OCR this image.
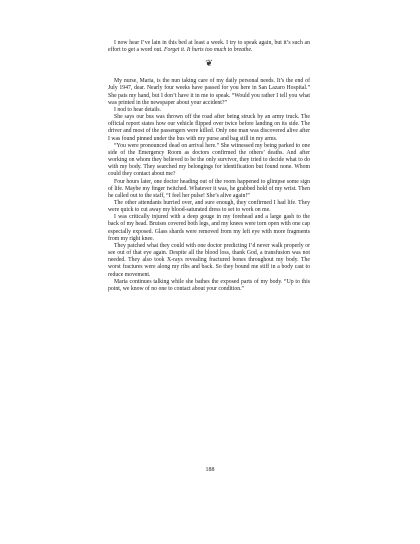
I now hear I’ve lain in this bed at least a week. I try to speak again, but it’s such an effort to get a word out. Forget it. It hurts too much to breathe.

❦

My nurse, Maria, is the nun taking care of my daily personal needs. It’s the end of July 1947, dear. Nearly four weeks have passed for you here in San Lazaro Hospital.” She pats my hand, but I don’t have it in me to speak. “Would you rather I tell you what was printed in the newspaper about your accident?”

I nod to hear details.

She says our bus was thrown off the road after being struck by an army truck. The official report states how our vehicle flipped over twice before landing on its side. The driver and most of the passengers were killed. Only one man was discovered alive after I was found pinned under the bus with my purse and bag still in my arms.

“You were pronounced dead on arrival here.” She witnessed my being parked to one side of the Emergency Room as doctors confirmed the others’ deaths. And after working on whom they believed to be the only survivor, they tried to decide what to do with my body. They searched my belongings for identification but found none. Whom could they contact about me?

Four hours later, one doctor heading out of the room happened to glimpse some sign of life. Maybe my finger twitched. Whatever it was, he grabbed hold of my wrist. Then he called out to the staff, “I feel her pulse! She’s alive again!”

The other attendants hurried over, and sure enough, they confirmed I had life. They were quick to cut away my blood-saturated dress to set to work on me.

I was critically injured with a deep gouge in my forehead and a large gash to the back of my head. Bruises covered both legs, and my knees were torn open with one cap especially exposed. Glass shards were removed from my left eye with more fragments from my right knee.

They patched what they could with one doctor predicting I’d never walk properly or see out of that eye again. Despite all the blood loss, thank God, a transfusion was not needed. They also took X-rays revealing fractured bones throughout my body. The worst fractures were along my ribs and back. So they bound me stiff in a body cast to reduce movement.

Maria continues talking while she bathes the exposed parts of my body. “Up to this point, we know of no one to contact about your condition.”

188
